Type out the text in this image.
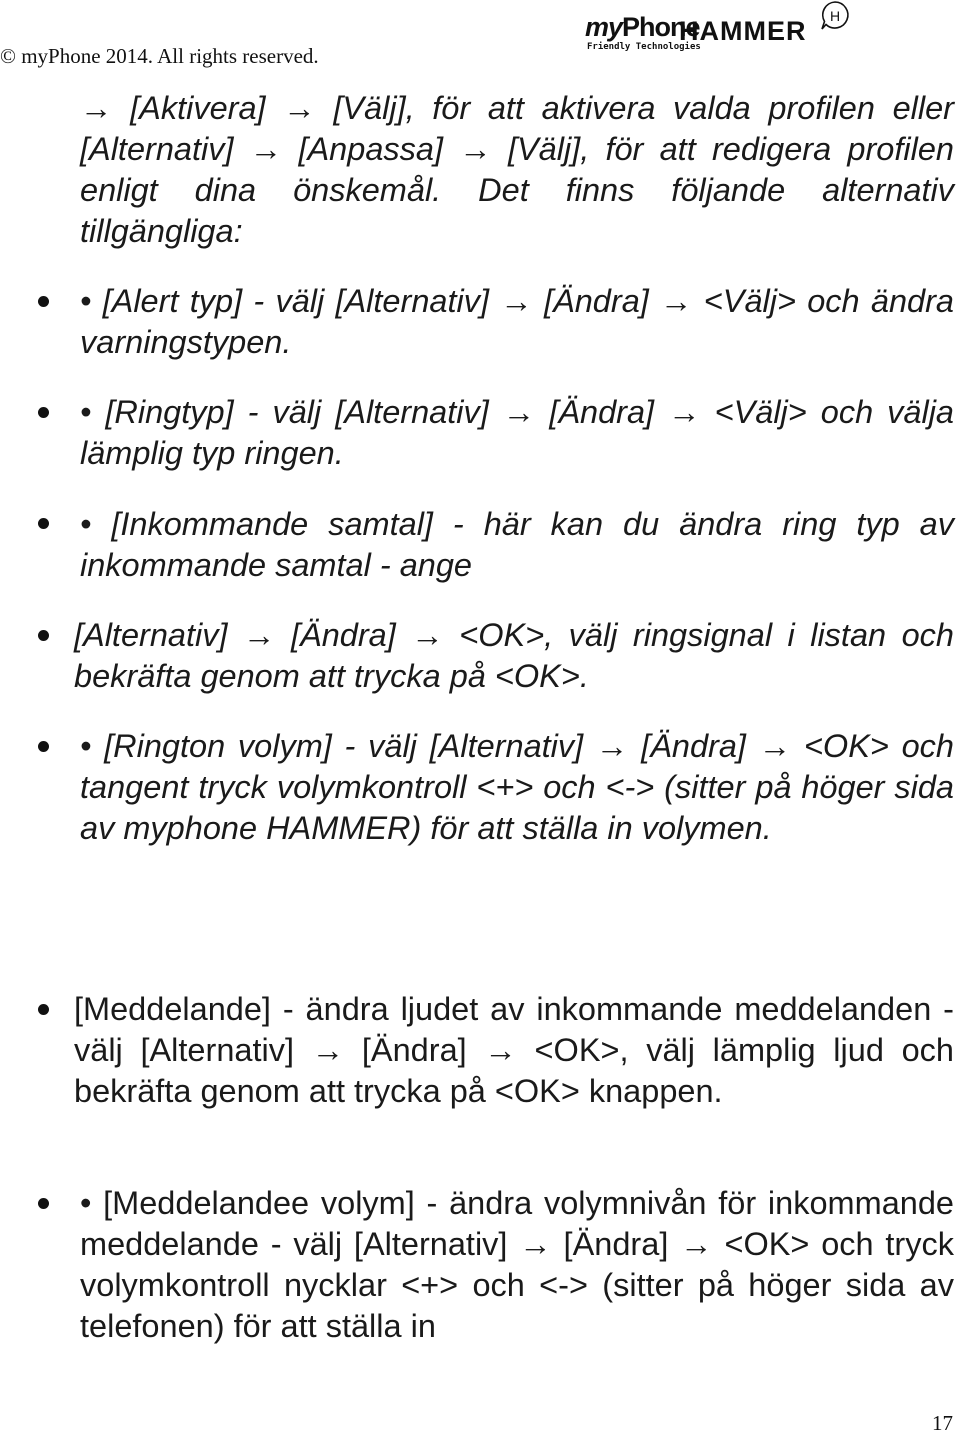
© myPhone 2014. All rights reserved.
myPhone
Friendly Technologies
HAMMER H
→ [Aktivera] → [Välj], för att aktivera valda profilen eller [Alternativ] → [Anpassa] → [Välj], för att redigera profilen enligt dina önskemål. Det finns följande alternativ tillgängliga:
• [Alert typ] - välj [Alternativ] → [Ändra] → <Välj> och ändra varningstypen.
• [Ringtyp] - välj [Alternativ] → [Ändra] → <Välj> och välja lämplig typ ringen.
• [Inkommande samtal] - här kan du ändra ring typ av inkommande samtal - ange
[Alternativ] → [Ändra] → <OK>, välj ringsignal i listan och bekräfta genom att trycka på <OK>.
• [Rington volym] - välj [Alternativ] → [Ändra] → <OK> och tangent tryck volymkontroll <+> och <-> (sitter på höger sida av myphone HAMMER) för att ställa in volymen.
[Meddelande] - ändra ljudet av inkommande meddelanden - välj [Alternativ] → [Ändra] → <OK>, välj lämplig ljud och bekräfta genom att trycka på <OK> knappen.
• [Meddelandee volym] - ändra volymnivån för inkommande meddelande - välj [Alternativ] → [Ändra] → <OK> och tryck volymkontroll nycklar <+> och <-> (sitter på höger sida av telefonen) för att ställa in
17
